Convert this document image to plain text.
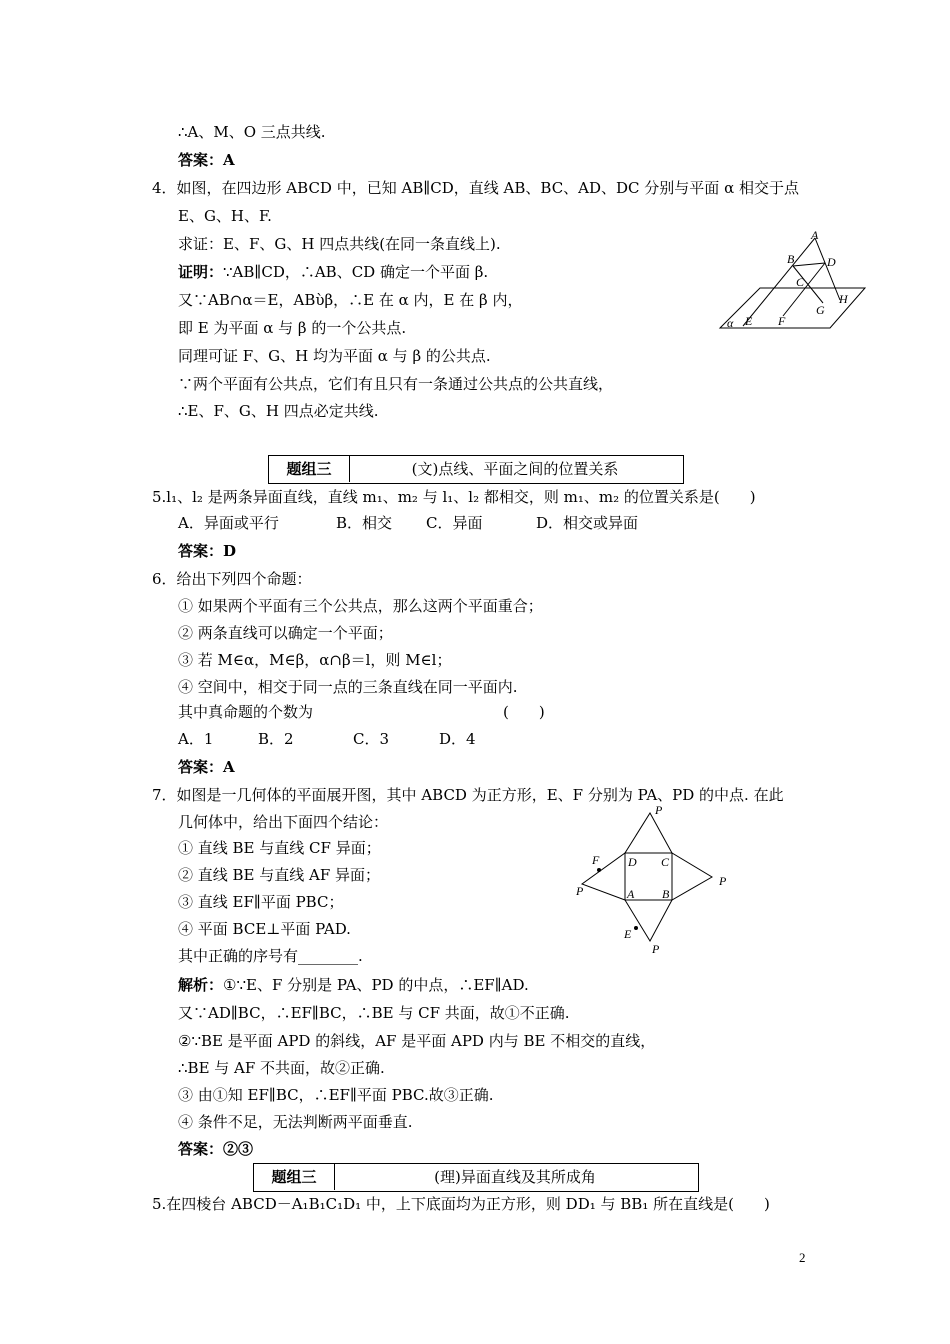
∴A、M、O 三点共线.
答案：A
4．如图，在四边形 ABCD 中，已知 AB∥CD，直线 AB、BC、AD、DC 分别与平面 α 相交于点
E、G、H、F.
求证：E、F、G、H 四点共线(在同一条直线上).
证明：∵AB∥CD，∴AB、CD 确定一个平面 β.
又∵AB∩α＝E，ABὺβ，∴E 在 α 内，E 在 β 内，
即 E 为平面 α 与 β 的一个公共点.
同理可证 F、G、H 均为平面 α 与 β 的公共点.
∵两个平面有公共点，它们有且只有一条通过公共点的公共直线，
∴E、F、G、H 四点必定共线.
A
B
C
D
E F
G
H
α
题组三	(文)点线、平面之间的位置关系
5.l₁、l₂ 是两条异面直线，直线 m₁、m₂ 与 l₁、l₂ 都相交，则 m₁、m₂ 的位置关系是(　　)
A．异面或平行	B．相交 C．异面	D．相交或异面
答案：D
6．给出下列四个命题：
① 如果两个平面有三个公共点，那么这两个平面重合；
② 两条直线可以确定一个平面；
③ 若 M∈α，M∈β，α∩β＝l，则 M∈l；
④ 空间中，相交于同一点的三条直线在同一平面内.
其中真命题的个数为	(　　)
A．1	B．2	C．3	D．4
答案：A
7．如图是一几何体的平面展开图，其中 ABCD 为正方形，E、F 分别为 PA、PD 的中点. 在此
几何体中，给出下面四个结论：
① 直线 BE 与直线 CF 异面；
② 直线 BE 与直线 AF 异面；
③ 直线 EF∥平面 PBC；
④ 平面 BCE⊥平面 PAD.
其中正确的序号有________.
解析：①∵E、F 分别是 PA、PD 的中点，∴EF∥AD.
又∵AD∥BC，∴EF∥BC，∴BE 与 CF 共面，故①不正确.
②∵BE 是平面 APD 的斜线，AF 是平面 APD 内与 BE 不相交的直线，
∴BE 与 AF 不共面，故②正确.
③ 由①知 EF∥BC，∴EF∥平面 PBC.故③正确.
④ 条件不足，无法判断两平面垂直.
答案：②③
P
P
P
P
F D C
A B
E
题组三	(理)异面直线及其所成角
5.在四棱台 ABCD－A₁B₁C₁D₁ 中，上下底面均为正方形，则 DD₁ 与 BB₁ 所在直线是(　　)
2
